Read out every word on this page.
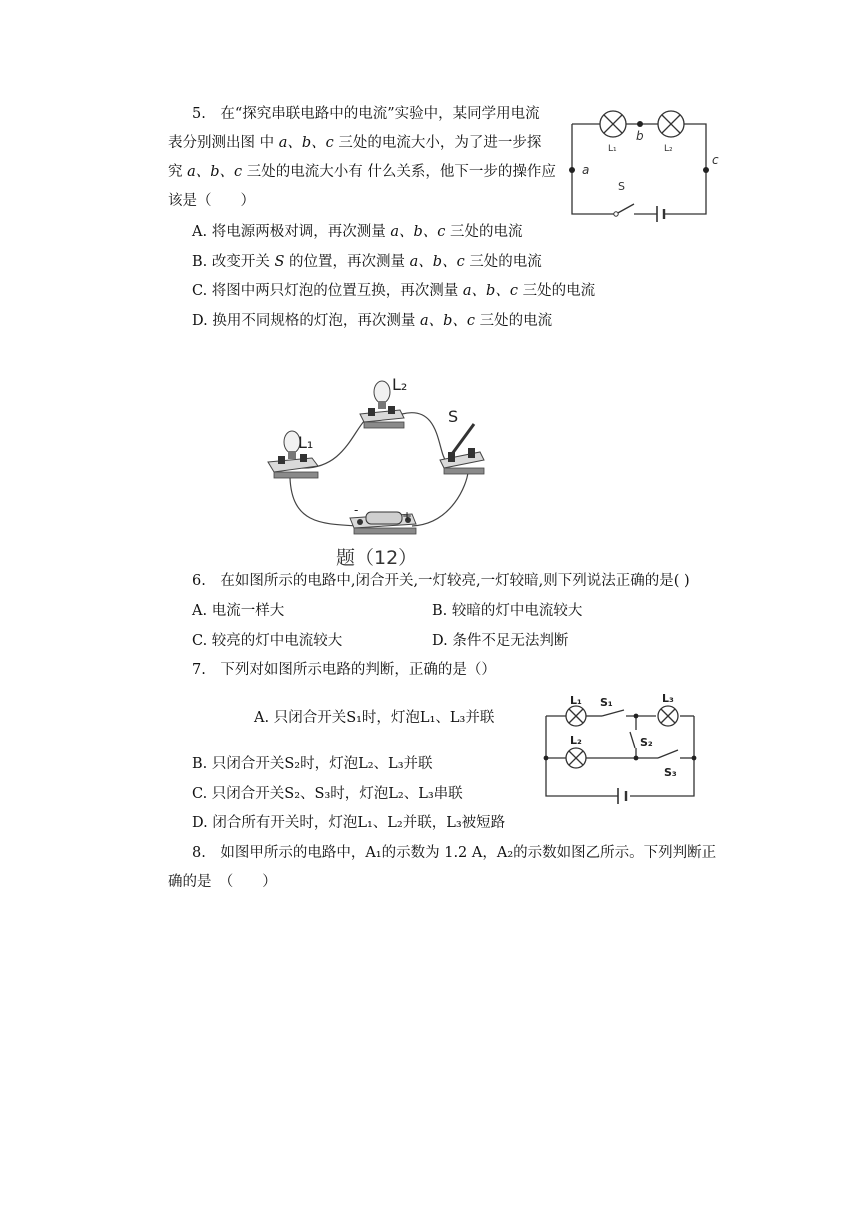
5.　在“探究串联电路中的电流”实验中，某同学用电流
表分别测出图 中 a、b、c 三处的电流大小，为了进一步探
究 a、b、c 三处的电流大小有 什么关系，他下一步的操作应
该是（　　）
A. 将电源两极对调，再次测量 a、b、c 三处的电流
B. 改变开关 S 的位置，再次测量 a、b、c 三处的电流
C. 将图中两只灯泡的位置互换，再次测量 a、b、c 三处的电流
D. 换用不同规格的灯泡，再次测量 a、b、c 三处的电流
L₁	L₂
b
a
c
S
L₁
L₂
S
-	+
题（12）
6.　在如图所示的电路中,闭合开关,一灯较亮,一灯较暗,则下列说法正确的是( )
A. 电流一样大	B. 较暗的灯中电流较大
C. 较亮的灯中电流较大	D. 条件不足无法判断
7.　下列对如图所示电路的判断，正确的是（）
A. 只闭合开关S₁时，灯泡L₁、L₃并联
B. 只闭合开关S₂时，灯泡L₂、L₃并联
C. 只闭合开关S₂、S₃时，灯泡L₂、L₃串联
D. 闭合所有开关时，灯泡L₁、L₂并联，L₃被短路
L₁ S₁	L₃
L₂	S₂
S₃
8.　如图甲所示的电路中，A₁的示数为 1.2 A，A₂的示数如图乙所示。下列判断正
确的是　（　　）
